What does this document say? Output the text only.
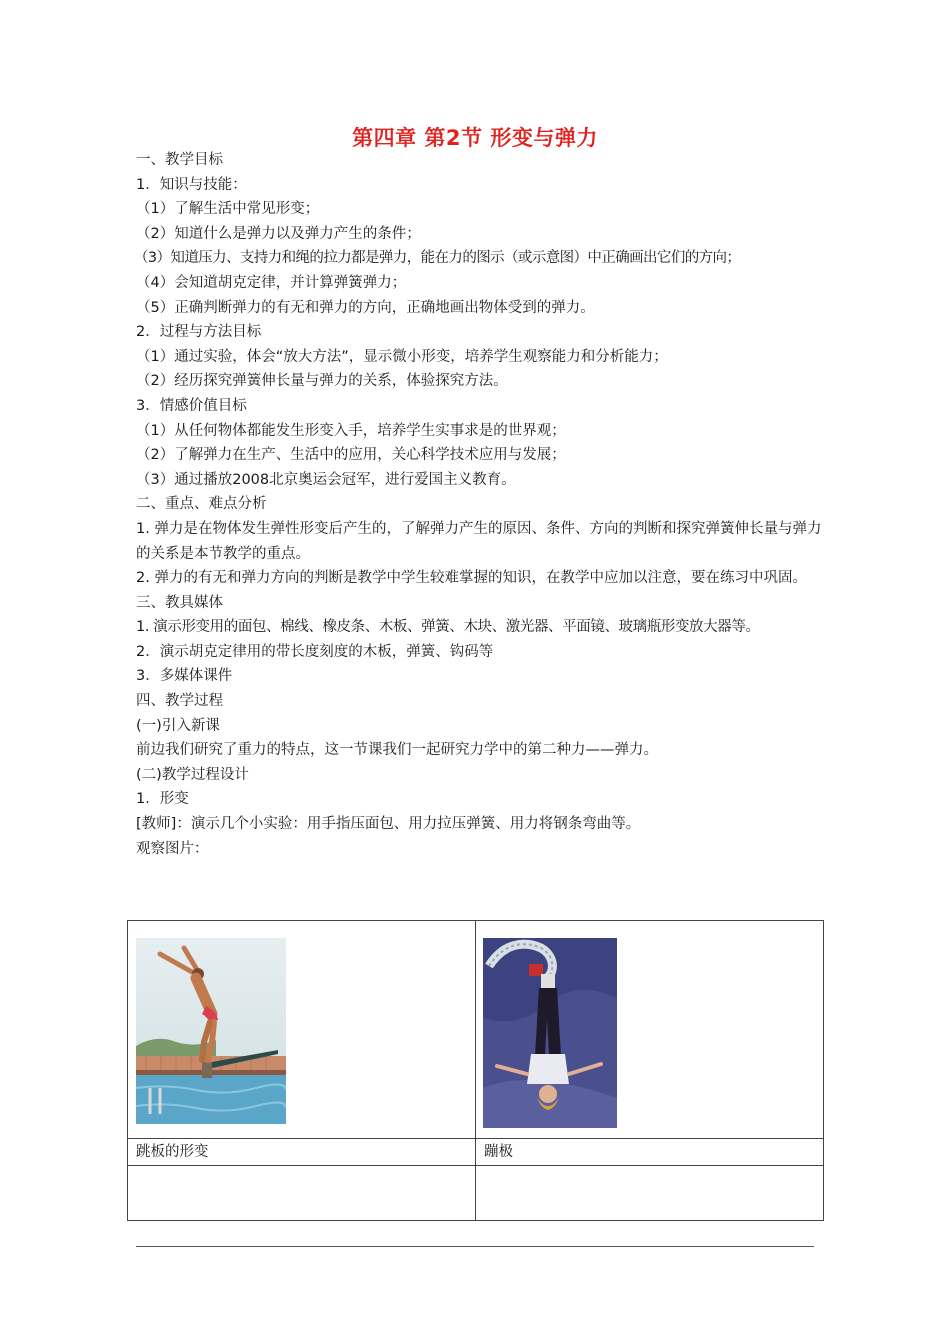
第四章 第2节 形变与弹力
一、教学目标
1．知识与技能：
（1）了解生活中常见形变；
（2）知道什么是弹力以及弹力产生的条件；
（3）知道压力、支持力和绳的拉力都是弹力，能在力的图示（或示意图）中正确画出它们的方向；
（4）会知道胡克定律，并计算弹簧弹力；
（5）正确判断弹力的有无和弹力的方向，正确地画出物体受到的弹力。
2．过程与方法目标
（1）通过实验，体会“放大方法”，显示微小形变，培养学生观察能力和分析能力；
（2）经历探究弹簧伸长量与弹力的关系，体验探究方法。
3．情感价值目标
（1）从任何物体都能发生形变入手，培养学生实事求是的世界观；
（2）了解弹力在生产、生活中的应用，关心科学技术应用与发展；
（3）通过播放2008北京奥运会冠军，进行爱国主义教育。
二、重点、难点分析
1. 弹力是在物体发生弹性形变后产生的，了解弹力产生的原因、条件、方向的判断和探究弹簧伸长量与弹力的关系是本节教学的重点。
2. 弹力的有无和弹力方向的判断是教学中学生较难掌握的知识，在教学中应加以注意，要在练习中巩固。
三、教具媒体
1. 演示形变用的面包、棉线、橡皮条、木板、弹簧、木块、激光器、平面镜、玻璃瓶形变放大器等。
2．演示胡克定律用的带长度刻度的木板，弹簧、钩码等
3．多媒体课件
四、教学过程
(一)引入新课
前边我们研究了重力的特点，这一节课我们一起研究力学中的第二种力——弹力。
(二)教学过程设计
1．形变
[教师]：演示几个小实验：用手指压面包、用力拉压弹簧、用力将钢条弯曲等。
观察图片：

跳板的形变	蹦极
